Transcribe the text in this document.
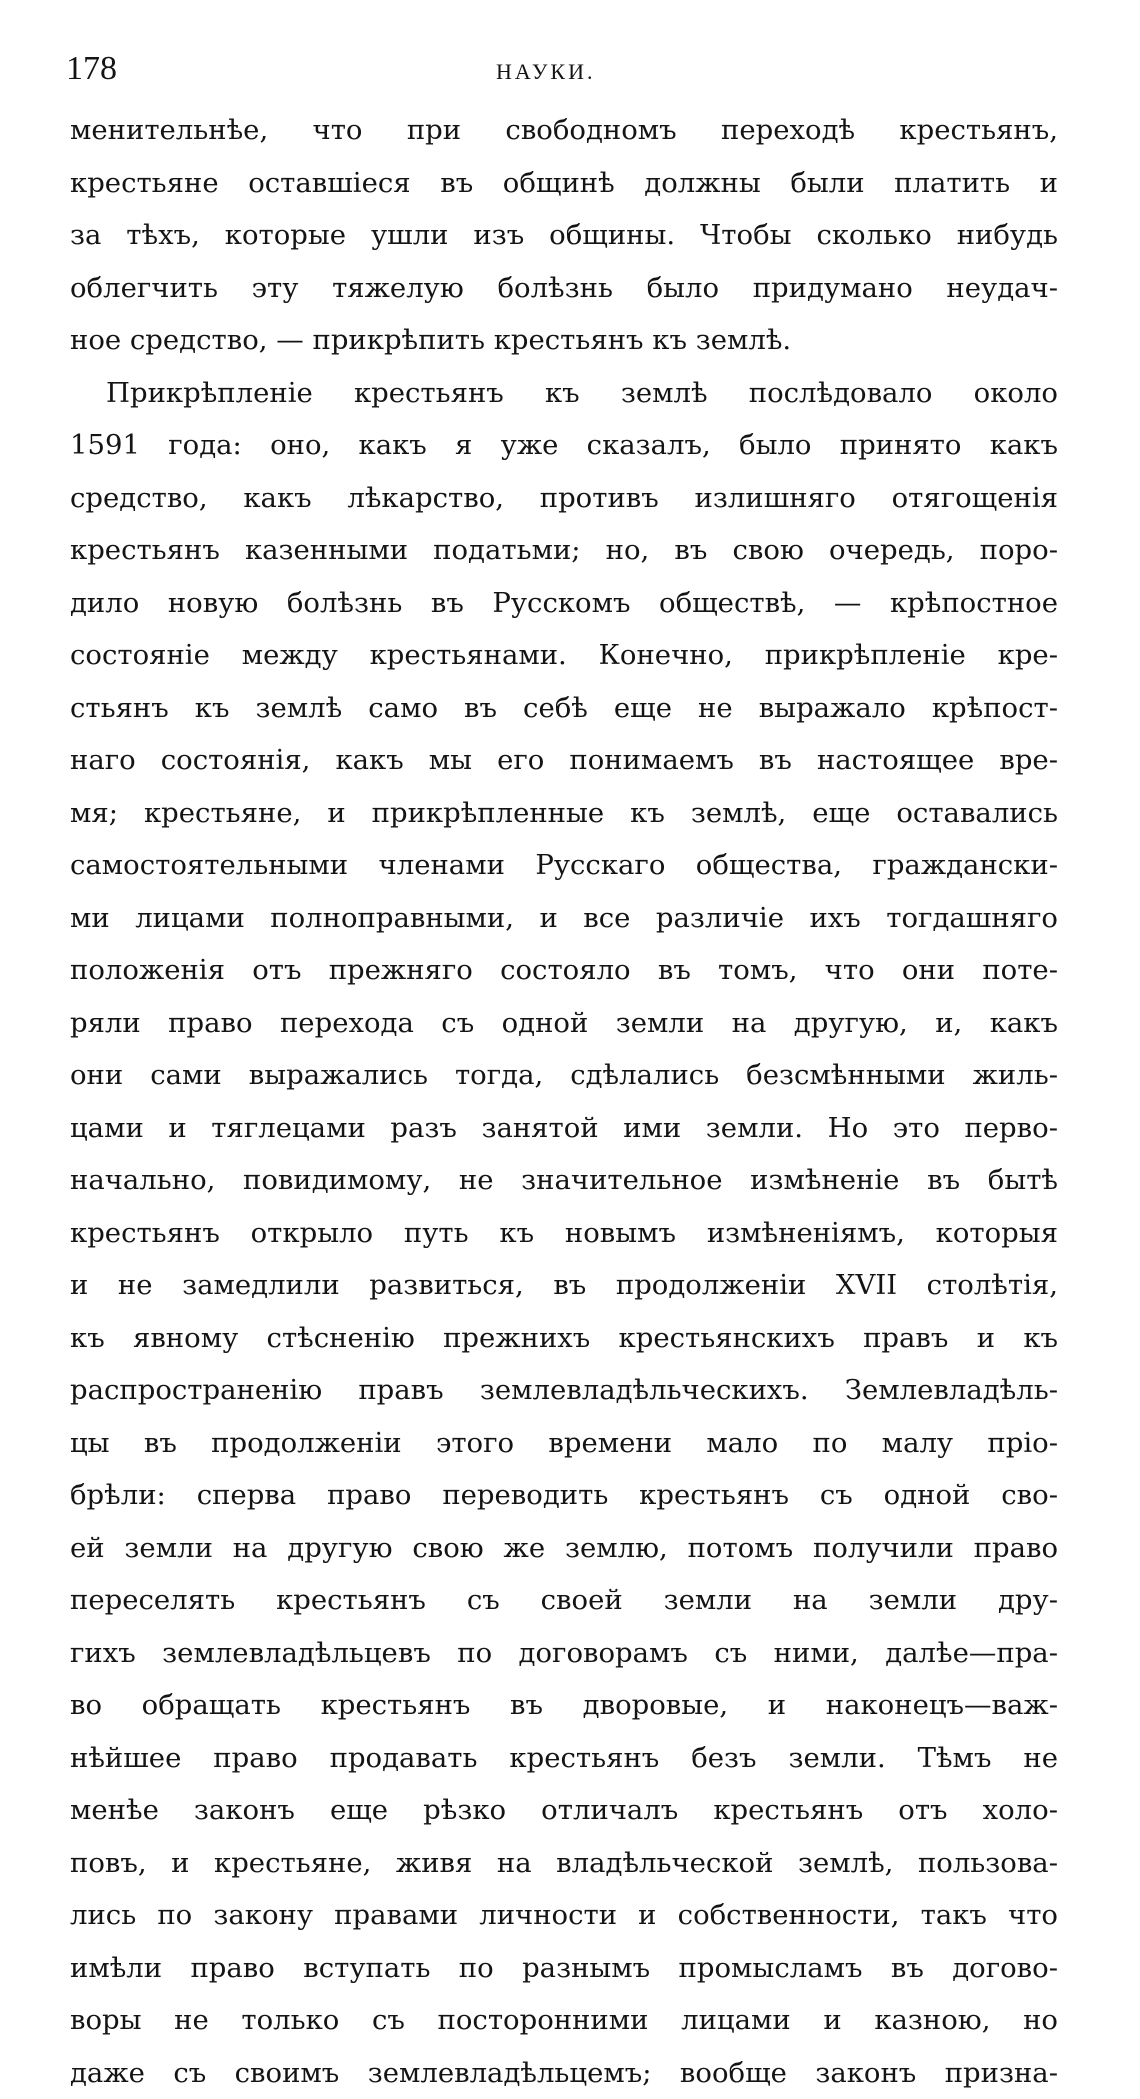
178	НАУКИ.
менительнѣе, что при свободномъ переходѣ крестьянъ,
крестьяне оставшіеся въ общинѣ должны были платить и
за тѣхъ, которые ушли изъ общины. Чтобы сколько нибудь
облегчить эту тяжелую болѣзнь было придумано неудач-
ное средство, — прикрѣпить крестьянъ къ землѣ.
Прикрѣпленіе крестьянъ къ землѣ послѣдовало около
1591 года: оно, какъ я уже сказалъ, было принято какъ
средство, какъ лѣкарство, противъ излишняго отягощенія
крестьянъ казенными податьми; но, въ свою очередь, поро-
дило новую болѣзнь въ Русскомъ обществѣ, — крѣпостное
состояніе между крестьянами. Конечно, прикрѣпленіе кре-
стьянъ къ землѣ само въ себѣ еще не выражало крѣпост-
наго состоянія, какъ мы его понимаемъ въ настоящее вре-
мя; крестьяне, и прикрѣпленные къ землѣ, еще оставались
самостоятельными членами Русскаго общества, граждански-
ми лицами полноправными, и все различіе ихъ тогдашняго
положенія отъ прежняго состояло въ томъ, что они поте-
ряли право перехода съ одной земли на другую, и, какъ
они сами выражались тогда, сдѣлались безсмѣнными жиль-
цами и тяглецами разъ занятой ими земли. Но это перво-
начально, повидимому, не значительное измѣненіе въ бытѣ
крестьянъ открыло путь къ новымъ измѣненіямъ, которыя
и не замедлили развиться, въ продолженіи XVII столѣтія,
къ явному стѣсненію прежнихъ крестьянскихъ правъ и къ
распространенію правъ землевладѣльческихъ. Землевладѣль-
цы въ продолженіи этого времени мало по малу пріо-
брѣли: сперва право переводить крестьянъ съ одной сво-
ей земли на другую свою же землю, потомъ получили право
переселять крестьянъ съ своей земли на земли дру-
гихъ землевладѣльцевъ по договорамъ съ ними, далѣе—пра-
во обращать крестьянъ въ дворовые, и наконецъ—важ-
нѣйшее право продавать крестьянъ безъ земли. Тѣмъ не
менѣе законъ еще рѣзко отличалъ крестьянъ отъ холо-
повъ, и крестьяне, живя на владѣльческой землѣ, пользова-
лись по закону правами личности и собственности, такъ что
имѣли право вступать по разнымъ промысламъ въ догово-
воры не только съ посторонними лицами и казною, но
даже съ своимъ землевладѣльцемъ; вообще законъ призна-
